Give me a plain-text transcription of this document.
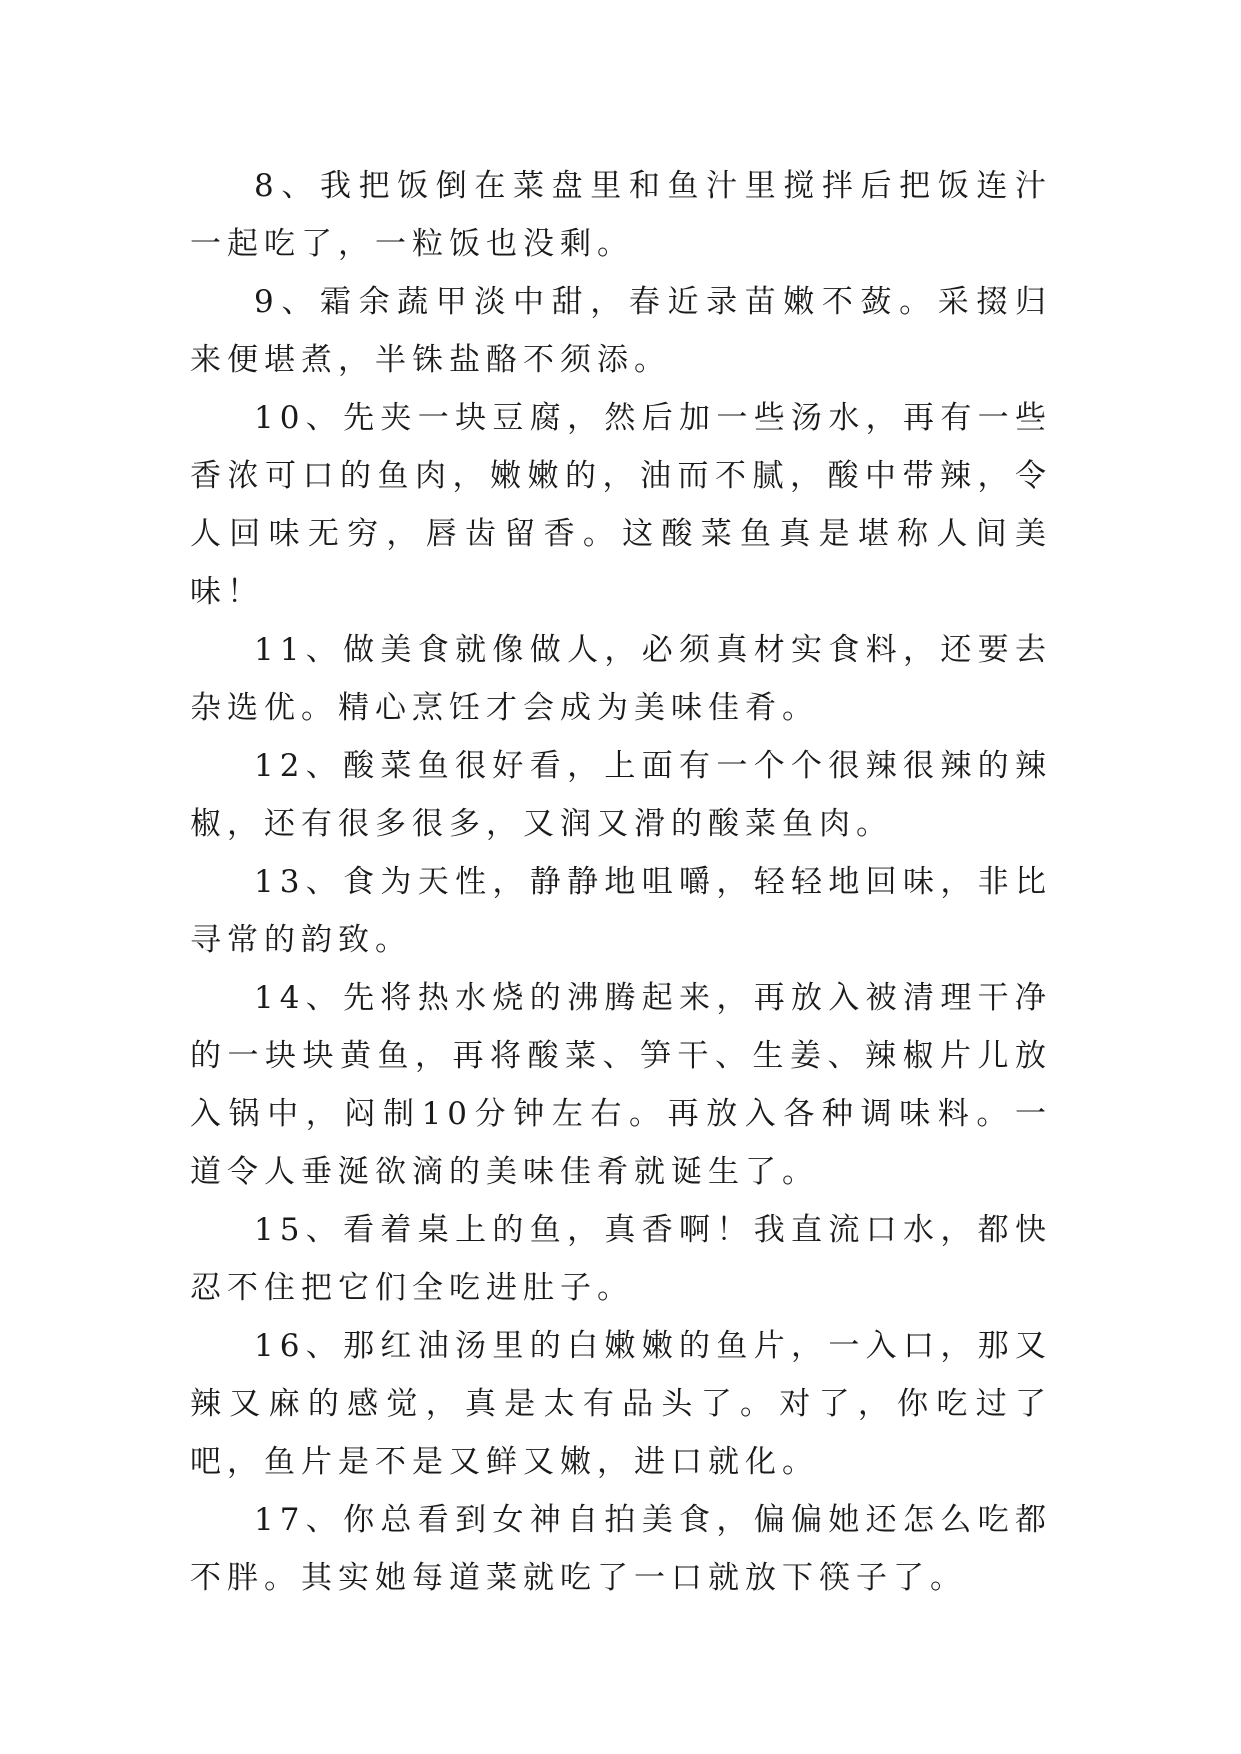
8、我把饭倒在菜盘里和鱼汁里搅拌后把饭连汁一起吃了，一粒饭也没剩。

9、霜余蔬甲淡中甜，春近录苗嫩不蔹。采掇归来便堪煮，半铢盐酪不须添。

10、先夹一块豆腐，然后加一些汤水，再有一些香浓可口的鱼肉，嫩嫩的，油而不腻，酸中带辣，令人回味无穷，唇齿留香。这酸菜鱼真是堪称人间美味！

11、做美食就像做人，必须真材实食料，还要去杂选优。精心烹饪才会成为美味佳肴。

12、酸菜鱼很好看，上面有一个个很辣很辣的辣椒，还有很多很多，又润又滑的酸菜鱼肉。

13、食为天性，静静地咀嚼，轻轻地回味，非比寻常的韵致。

14、先将热水烧的沸腾起来，再放入被清理干净的一块块黄鱼，再将酸菜、笋干、生姜、辣椒片儿放入锅中，闷制10分钟左右。再放入各种调味料。一道令人垂涎欲滴的美味佳肴就诞生了。

15、看着桌上的鱼，真香啊！我直流口水，都快忍不住把它们全吃进肚子。

16、那红油汤里的白嫩嫩的鱼片，一入口，那又辣又麻的感觉，真是太有品头了。对了，你吃过了吧，鱼片是不是又鲜又嫩，进口就化。

17、你总看到女神自拍美食，偏偏她还怎么吃都不胖。其实她每道菜就吃了一口就放下筷子了。
